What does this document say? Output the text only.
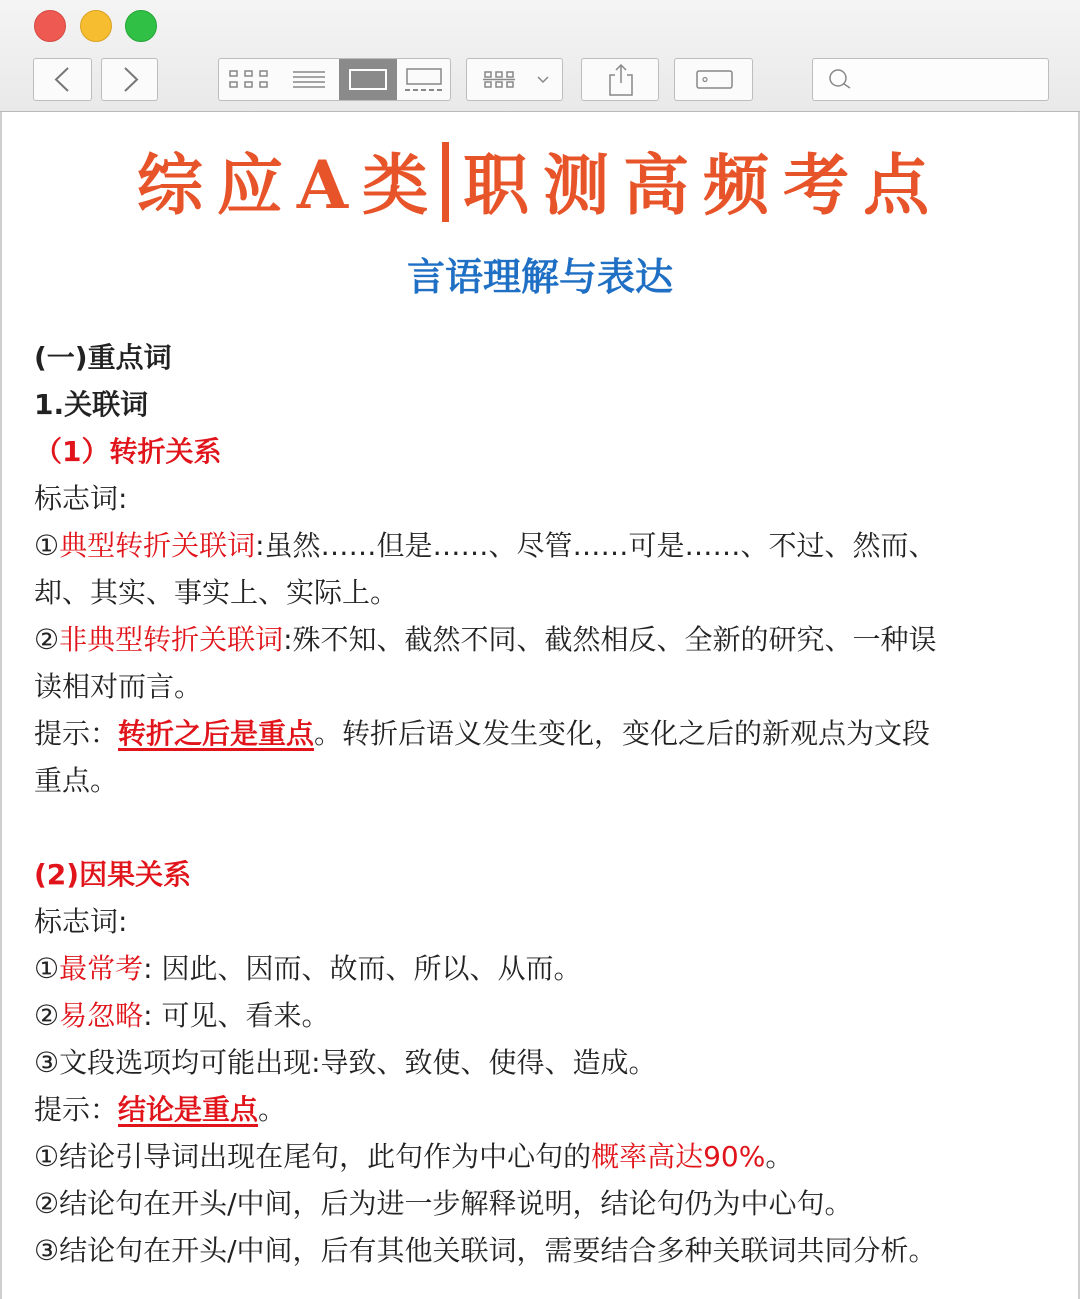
综应A类 职测高频考点
言语理解与表达
(一)重点词
1.关联词
（1）转折关系
标志词:
①典型转折关联词:虽然……但是……、尽管……可是……、不过、然而、
却、其实、事实上、实际上。
②非典型转折关联词:殊不知、截然不同、截然相反、全新的研究、一种误
读相对而言。
提示：转折之后是重点。转折后语义发生变化，变化之后的新观点为文段
重点。
(2)因果关系
标志词:
①最常考: 因此、因而、故而、所以、从而。
②易忽略: 可见、看来。
③文段选项均可能出现:导致、致使、使得、造成。
提示：结论是重点。
①结论引导词出现在尾句，此句作为中心句的概率高达90%。
②结论句在开头/中间，后为进一步解释说明，结论句仍为中心句。
③结论句在开头/中间，后有其他关联词，需要结合多种关联词共同分析。
